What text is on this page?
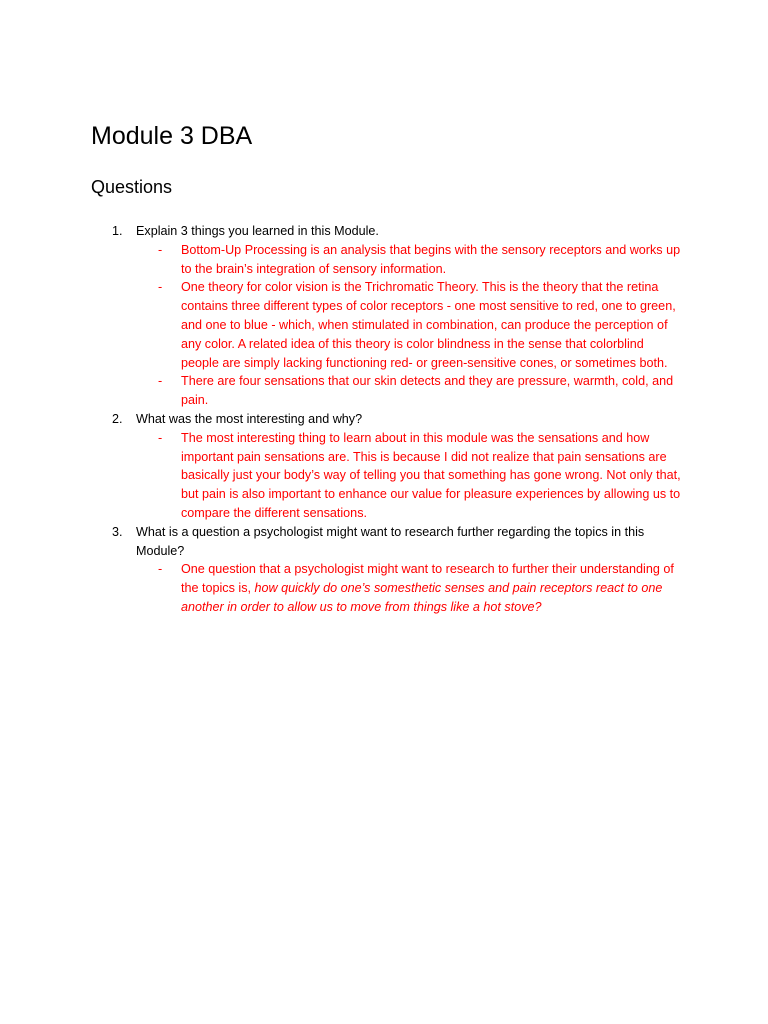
Module 3 DBA
Questions
1. Explain 3 things you learned in this Module.
- Bottom-Up Processing is an analysis that begins with the sensory receptors and works up to the brain’s integration of sensory information.
- One theory for color vision is the Trichromatic Theory. This is the theory that the retina contains three different types of color receptors - one most sensitive to red, one to green, and one to blue - which, when stimulated in combination, can produce the perception of any color. A related idea of this theory is color blindness in the sense that colorblind people are simply lacking functioning red- or green-sensitive cones, or sometimes both.
- There are four sensations that our skin detects and they are pressure, warmth, cold, and pain.
2. What was the most interesting and why?
- The most interesting thing to learn about in this module was the sensations and how important pain sensations are. This is because I did not realize that pain sensations are basically just your body’s way of telling you that something has gone wrong. Not only that, but pain is also important to enhance our value for pleasure experiences by allowing us to compare the different sensations.
3. What is a question a psychologist might want to research further regarding the topics in this Module?
- One question that a psychologist might want to research to further their understanding of the topics is, how quickly do one’s somesthetic senses and pain receptors react to one another in order to allow us to move from things like a hot stove?
